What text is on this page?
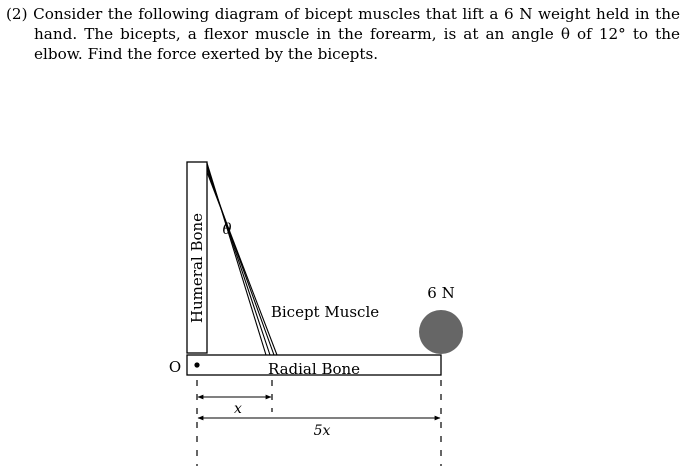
(2) Consider the following diagram of bicept muscles that lift a 6 N weight held in the
hand. The bicepts, a flexor muscle in the forearm, is at an angle θ of 12° to the
elbow. Find the force exerted by the bicepts.
Humeral Bone
Radial Bone
θ
Bicept Muscle
O
6 N
x
5x
